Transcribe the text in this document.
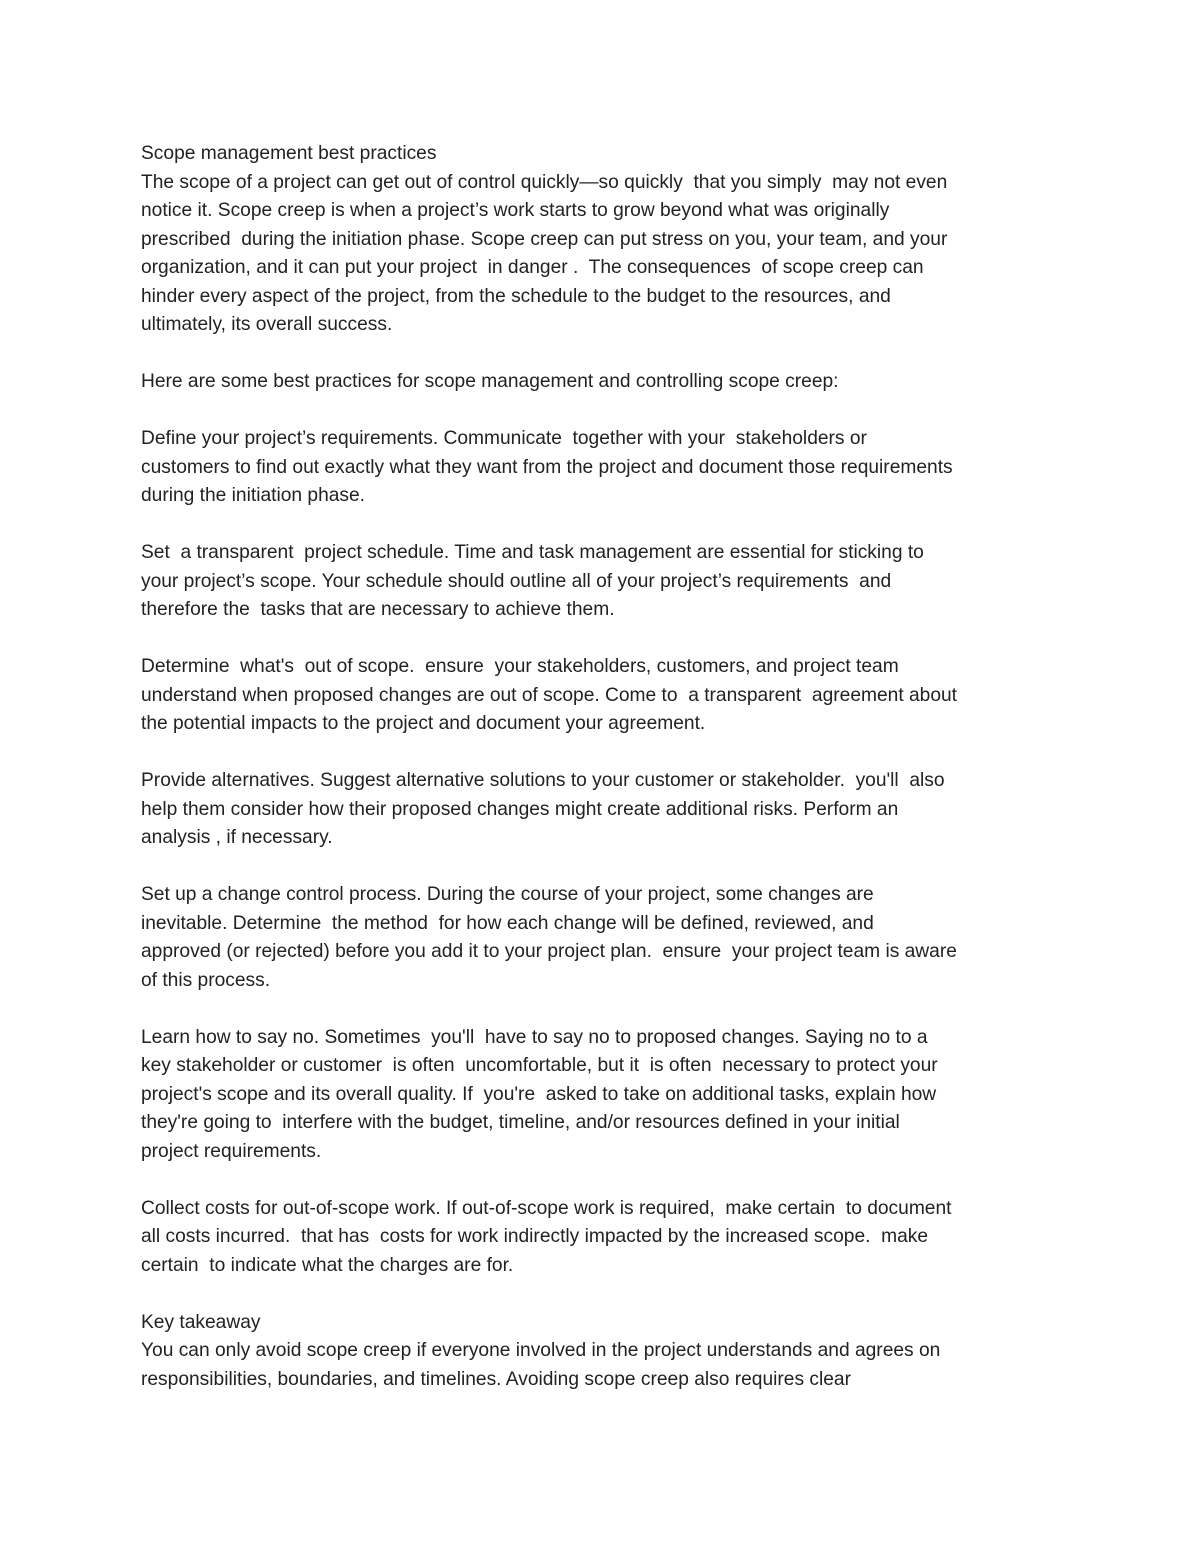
Scope management best practices
The scope of a project can get out of control quickly—so quickly  that you simply  may not even
notice it. Scope creep is when a project’s work starts to grow beyond what was originally
prescribed  during the initiation phase. Scope creep can put stress on you, your team, and your
organization, and it can put your project  in danger .  The consequences  of scope creep can
hinder every aspect of the project, from the schedule to the budget to the resources, and
ultimately, its overall success.

Here are some best practices for scope management and controlling scope creep:

Define your project’s requirements. Communicate  together with your  stakeholders or
customers to find out exactly what they want from the project and document those requirements
during the initiation phase.

Set  a transparent  project schedule. Time and task management are essential for sticking to
your project’s scope. Your schedule should outline all of your project’s requirements  and
therefore the  tasks that are necessary to achieve them.

Determine  what's  out of scope.  ensure  your stakeholders, customers, and project team
understand when proposed changes are out of scope. Come to  a transparent  agreement about
the potential impacts to the project and document your agreement.

Provide alternatives. Suggest alternative solutions to your customer or stakeholder.  you'll  also
help them consider how their proposed changes might create additional risks. Perform an
analysis , if necessary.

Set up a change control process. During the course of your project, some changes are
inevitable. Determine  the method  for how each change will be defined, reviewed, and
approved (or rejected) before you add it to your project plan.  ensure  your project team is aware
of this process.

Learn how to say no. Sometimes  you'll  have to say no to proposed changes. Saying no to a
key stakeholder or customer  is often  uncomfortable, but it  is often  necessary to protect your
project's scope and its overall quality. If  you're  asked to take on additional tasks, explain how
they're going to  interfere with the budget, timeline, and/or resources defined in your initial
project requirements.

Collect costs for out-of-scope work. If out-of-scope work is required,  make certain  to document
all costs incurred.  that has  costs for work indirectly impacted by the increased scope.  make
certain  to indicate what the charges are for.

Key takeaway
You can only avoid scope creep if everyone involved in the project understands and agrees on
responsibilities, boundaries, and timelines. Avoiding scope creep also requires clear
